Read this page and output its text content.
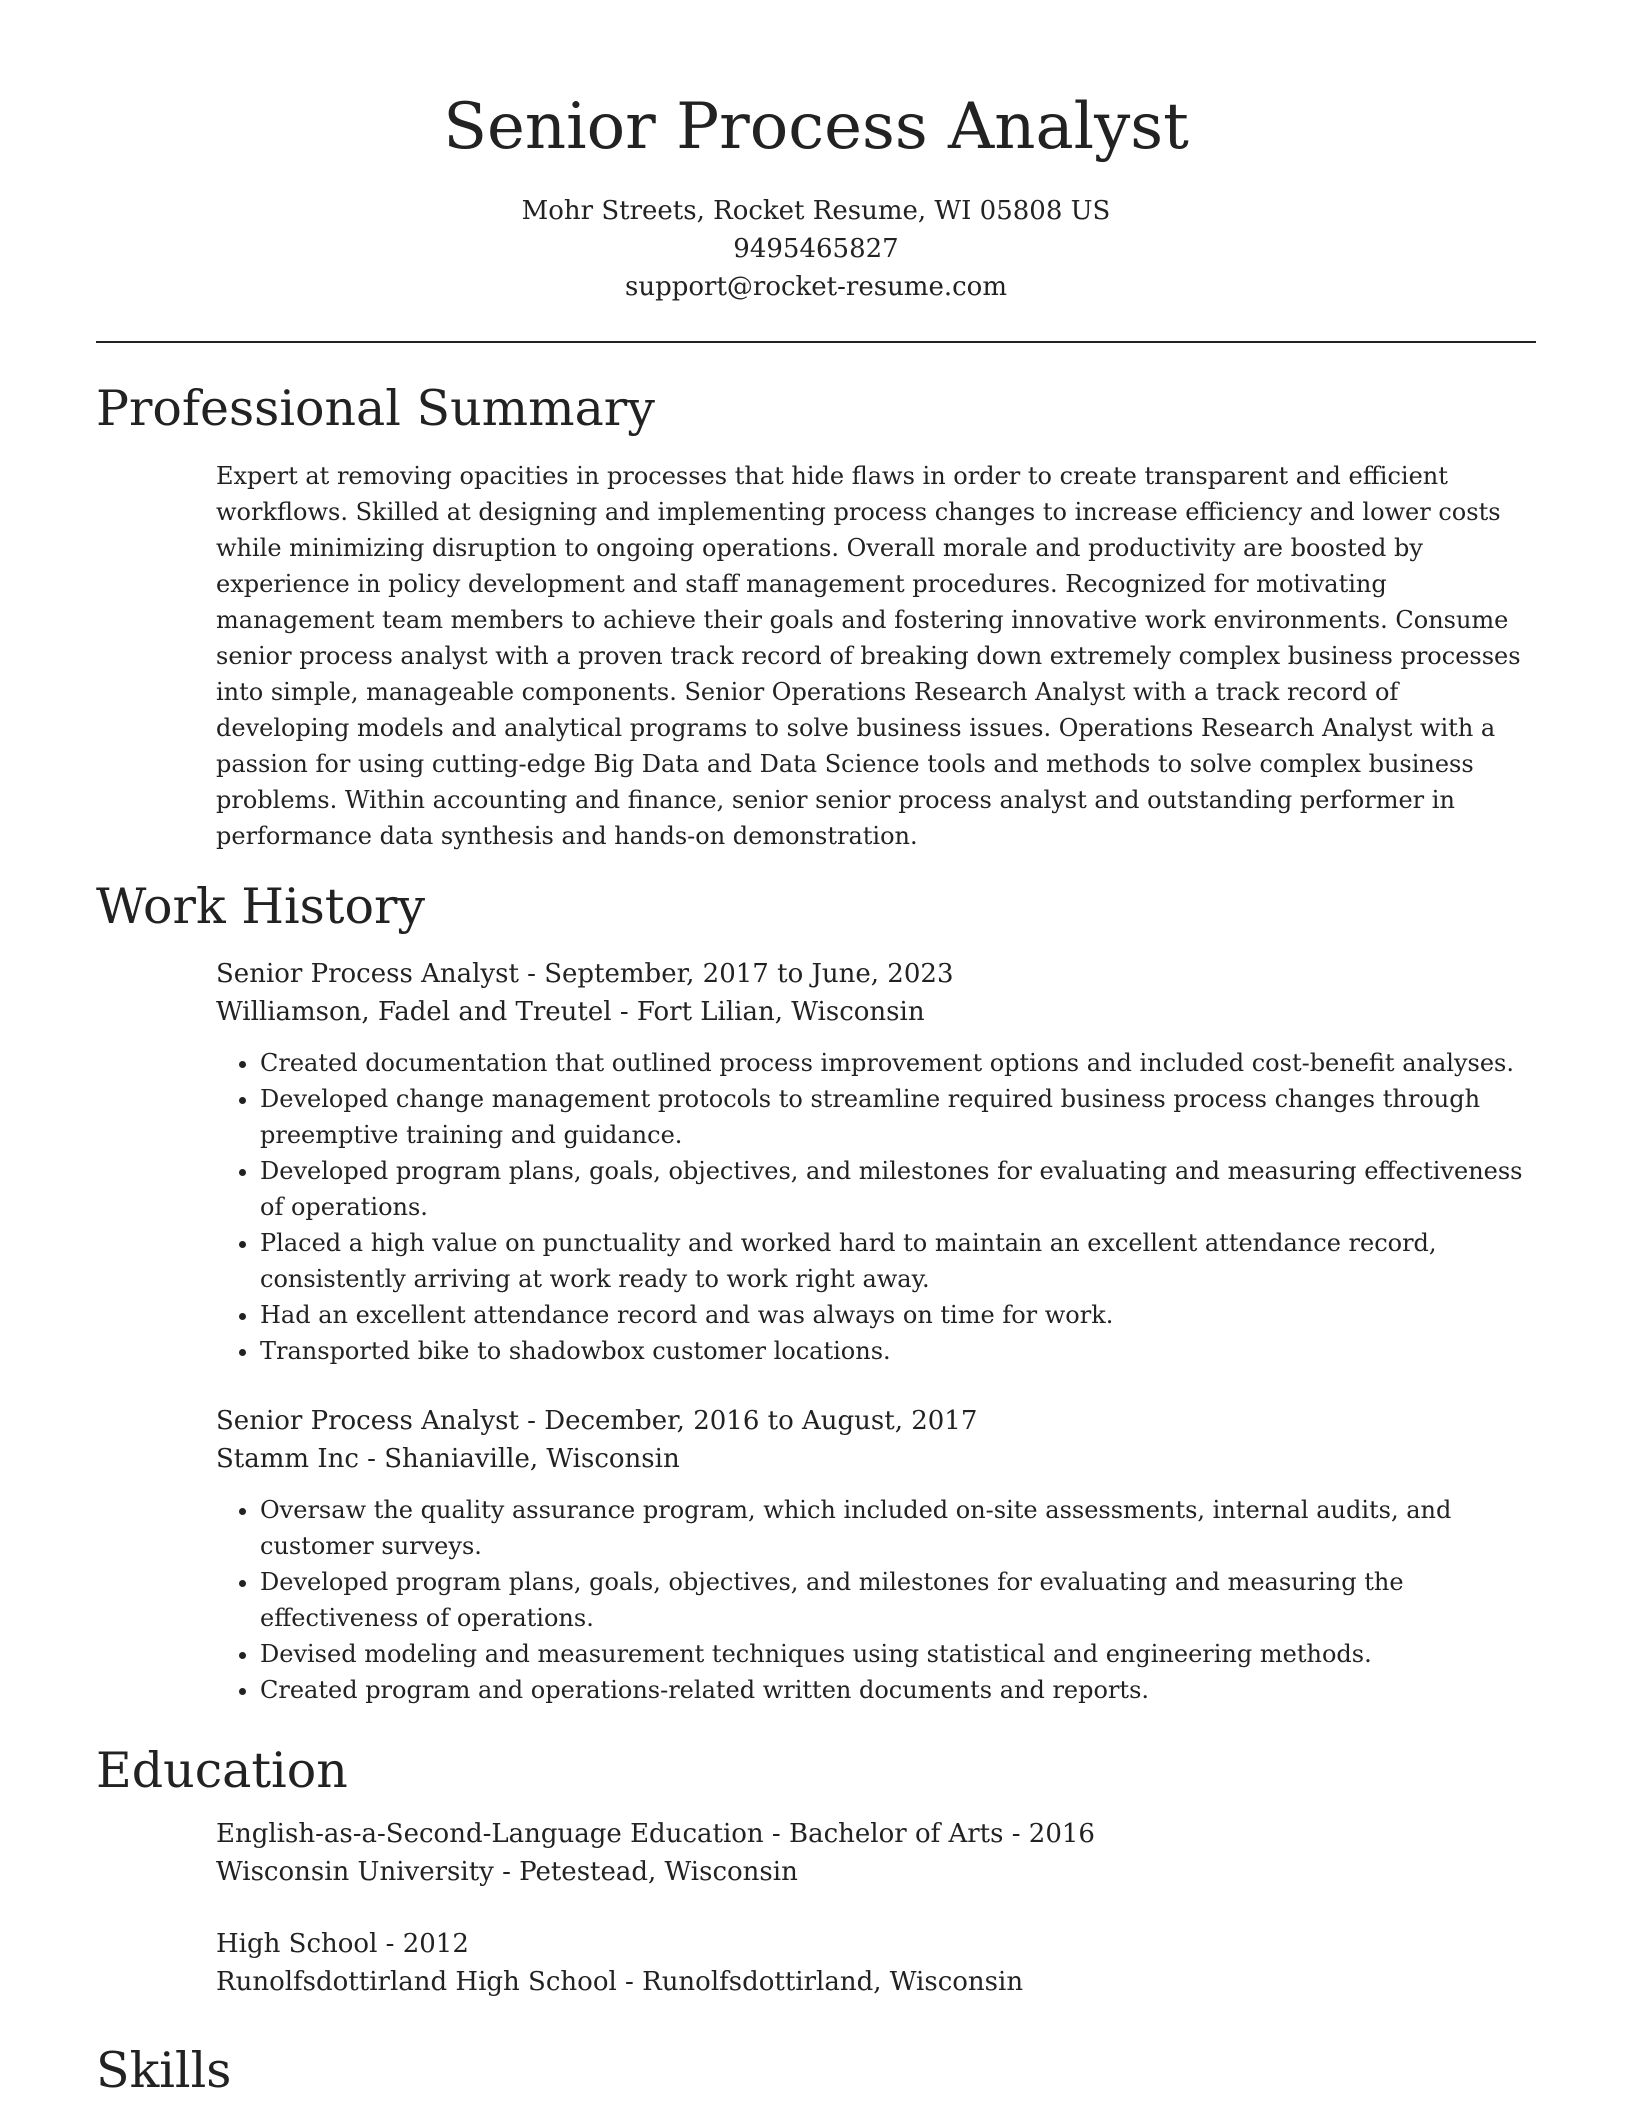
Senior Process Analyst
Mohr Streets, Rocket Resume, WI 05808 US
9495465827
support@rocket-resume.com
Professional Summary

Expert at removing opacities in processes that hide flaws in order to create transparent and efficient workflows. Skilled at designing and implementing process changes to increase efficiency and lower costs while minimizing disruption to ongoing operations. Overall morale and productivity are boosted by experience in policy development and staff management procedures. Recognized for motivating management team members to achieve their goals and fostering innovative work environments. Consume senior process analyst with a proven track record of breaking down extremely complex business processes into simple, manageable components. Senior Operations Research Analyst with a track record of developing models and analytical programs to solve business issues. Operations Research Analyst with a passion for using cutting-edge Big Data and Data Science tools and methods to solve complex business problems. Within accounting and finance, senior senior process analyst and outstanding performer in performance data synthesis and hands-on demonstration.

Work History

Senior Process Analyst - September, 2017 to June, 2023

Williamson, Fadel and Treutel - Fort Lilian, Wisconsin

• Created documentation that outlined process improvement options and included cost-benefit analyses.
• Developed change management protocols to streamline required business process changes through preemptive training and guidance.
• Developed program plans, goals, objectives, and milestones for evaluating and measuring effectiveness of operations.
• Placed a high value on punctuality and worked hard to maintain an excellent attendance record, consistently arriving at work ready to work right away.
• Had an excellent attendance record and was always on time for work.
• Transported bike to shadowbox customer locations.

Senior Process Analyst - December, 2016 to August, 2017

Stamm Inc - Shaniaville, Wisconsin

• Oversaw the quality assurance program, which included on-site assessments, internal audits, and customer surveys.
• Developed program plans, goals, objectives, and milestones for evaluating and measuring the effectiveness of operations.
• Devised modeling and measurement techniques using statistical and engineering methods.
• Created program and operations-related written documents and reports.
Education

English-as-a-Second-Language Education - Bachelor of Arts - 2016

Wisconsin University - Petestead, Wisconsin

High School - 2012

Runolfsdottirland High School - Runolfsdottirland, Wisconsin

Skills
